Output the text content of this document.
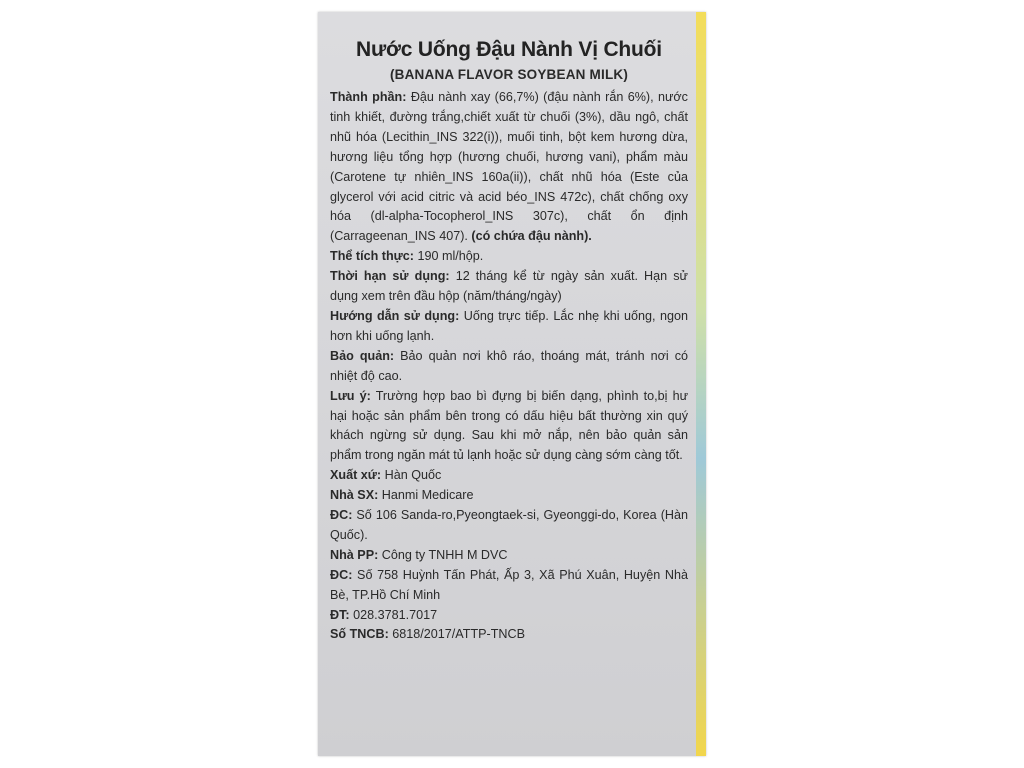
Nước Uống Đậu Nành Vị Chuối
(BANANA FLAVOR SOYBEAN MILK)

Thành phần: Đậu nành xay (66,7%) (đậu nành rắn 6%), nước tinh khiết, đường trắng,chiết xuất từ chuối (3%), dầu ngô, chất nhũ hóa (Lecithin_INS 322(i)), muối tinh, bột kem hương dừa, hương liệu tổng hợp (hương chuối, hương vani), phẩm màu (Carotene tự nhiên_INS 160a(ii)), chất nhũ hóa (Este của glycerol với acid citric và acid béo_INS 472c), chất chống oxy hóa (dl-alpha-Tocopherol_INS 307c), chất ổn định (Carrageenan_INS 407). (có chứa đậu nành).

Thể tích thực: 190 ml/hộp.

Thời hạn sử dụng: 12 tháng kể từ ngày sản xuất. Hạn sử dụng xem trên đầu hộp (năm/tháng/ngày)

Hướng dẫn sử dụng: Uống trực tiếp. Lắc nhẹ khi uống, ngon hơn khi uống lạnh.

Bảo quản: Bảo quản nơi khô ráo, thoáng mát, tránh nơi có nhiệt độ cao.

Lưu ý: Trường hợp bao bì đựng bị biến dạng, phình to,bị hư hại hoặc sản phẩm bên trong có dấu hiệu bất thường xin quý khách ngừng sử dụng. Sau khi mở nắp, nên bảo quản sản phẩm trong ngăn mát tủ lạnh hoặc sử dụng càng sớm càng tốt.

Xuất xứ: Hàn Quốc

Nhà SX: Hanmi Medicare

ĐC: Số 106 Sanda-ro,Pyeongtaek-si, Gyeonggi-do, Korea (Hàn Quốc).

Nhà PP: Công ty TNHH M DVC

ĐC: Số 758 Huỳnh Tấn Phát, Ấp 3, Xã Phú Xuân, Huyện Nhà Bè, TP.Hồ Chí Minh

ĐT: 028.3781.7017

Số TNCB: 6818/2017/ATTP-TNCB
